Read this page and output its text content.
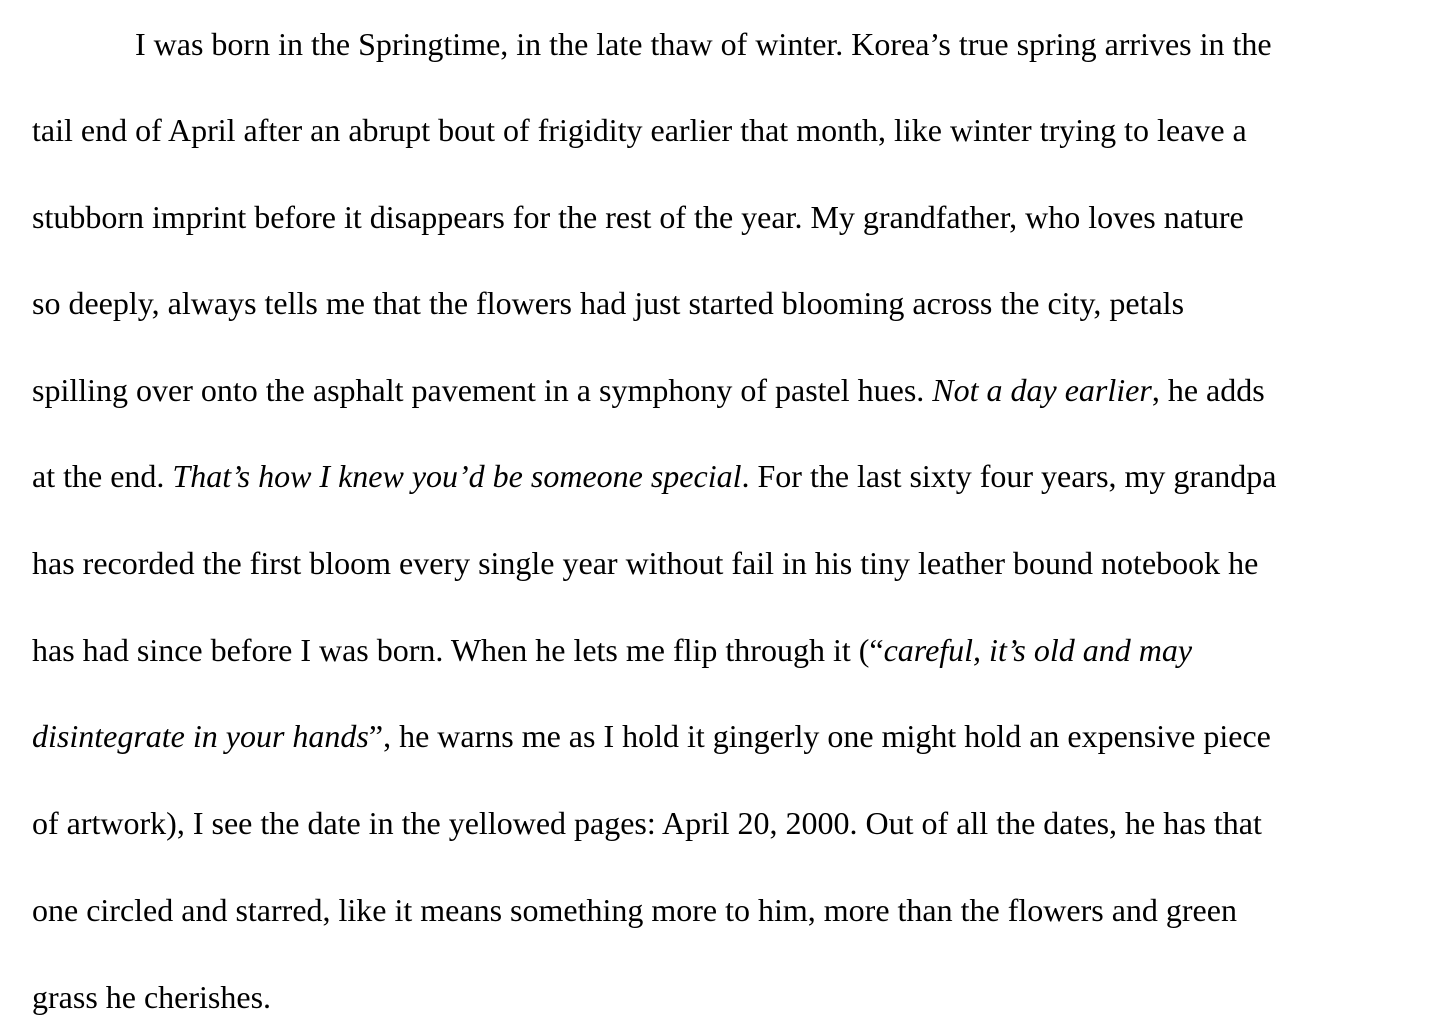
I was born in the Springtime, in the late thaw of winter. Korea’s true spring arrives in the
tail end of April after an abrupt bout of frigidity earlier that month, like winter trying to leave a
stubborn imprint before it disappears for the rest of the year. My grandfather, who loves nature
so deeply, always tells me that the flowers had just started blooming across the city, petals
spilling over onto the asphalt pavement in a symphony of pastel hues. Not a day earlier, he adds
at the end. That’s how I knew you’d be someone special. For the last sixty four years, my grandpa
has recorded the first bloom every single year without fail in his tiny leather bound notebook he
has had since before I was born. When he lets me flip through it (“careful, it’s old and may
disintegrate in your hands”, he warns me as I hold it gingerly one might hold an expensive piece
of artwork), I see the date in the yellowed pages: April 20, 2000. Out of all the dates, he has that
one circled and starred, like it means something more to him, more than the flowers and green
grass he cherishes.
